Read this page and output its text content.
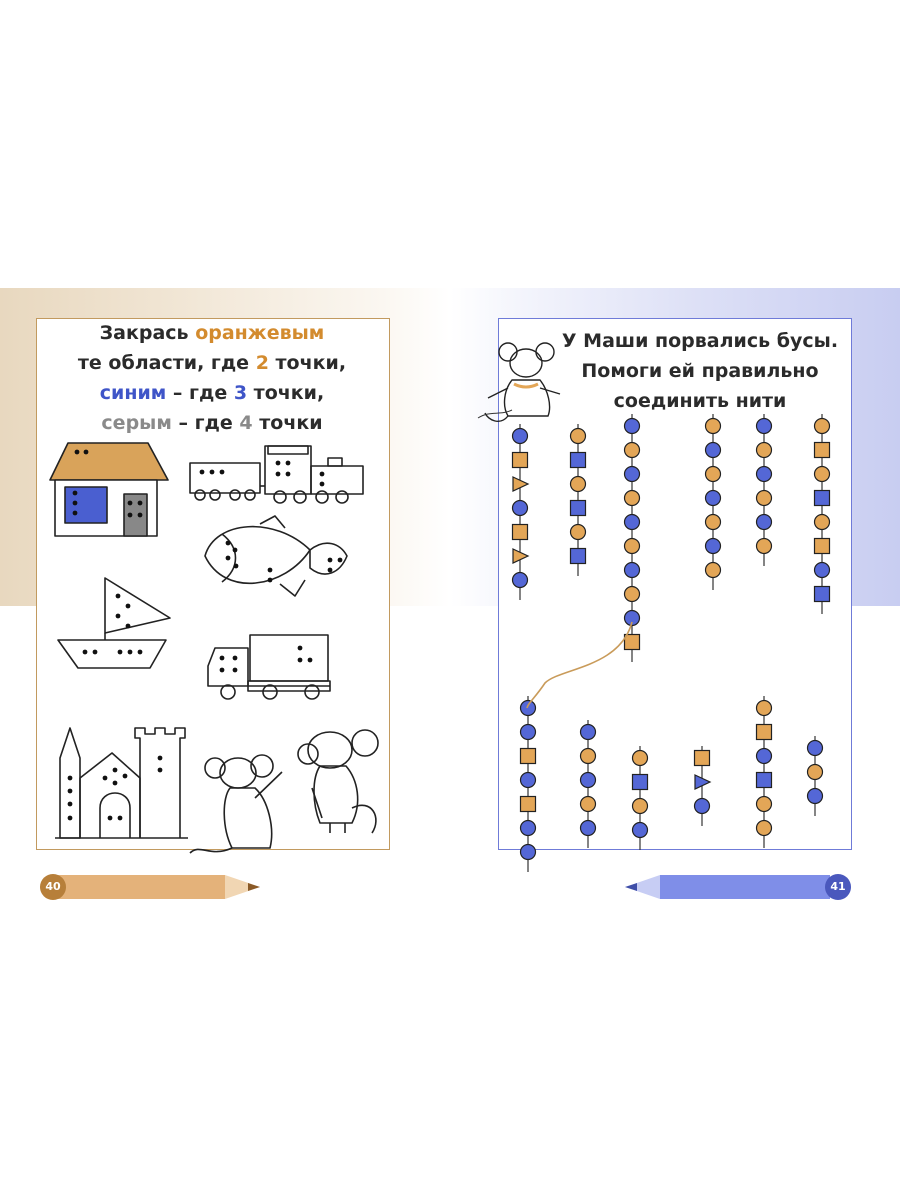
Закрась оранжевым
те области, где 2 точки,
синим – где 3 точки,
серым – где 4 точки
У Маши порвались бусы.
Помоги ей правильно
соединить нити
40	41
